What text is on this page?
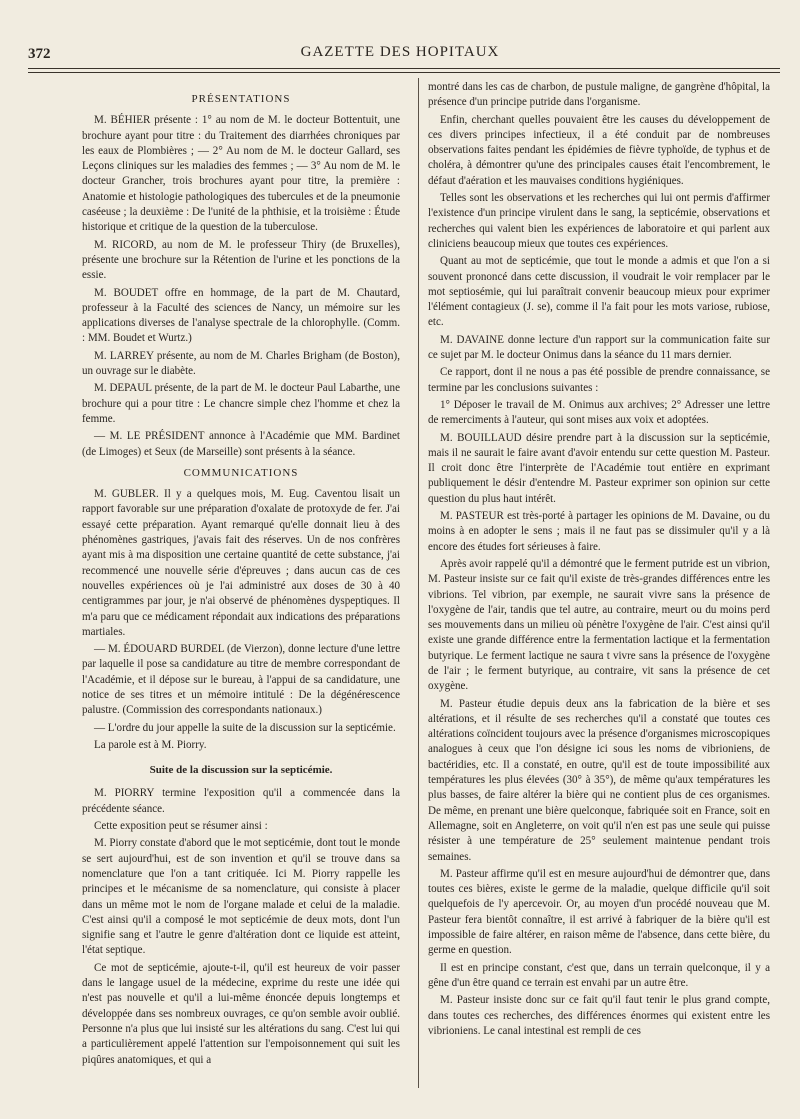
372	GAZETTE DES HOPITAUX
PRÉSENTATIONS

M. BÉHIER présente : 1° au nom de M. le docteur Bottentuit, une brochure ayant pour titre : du Traitement des diarrhées chroniques par les eaux de Plombières ; — 2° Au nom de M. le docteur Gallard, ses Leçons cliniques sur les maladies des femmes ; — 3° Au nom de M. le docteur Grancher, trois brochures ayant pour titre, la première : Anatomie et histologie pathologiques des tubercules et de la pneumonie caséeuse ; la deuxième : De l'unité de la phthisie, et la troisième : Étude historique et critique de la question de la tuberculose.

M. RICORD, au nom de M. le professeur Thiry (de Bruxelles), présente une brochure sur la Rétention de l'urine et les ponctions de la essie.

M. BOUDET offre en hommage, de la part de M. Chautard, professeur à la Faculté des sciences de Nancy, un mémoire sur les applications diverses de l'analyse spectrale de la chlorophylle. (Comm. : MM. Boudet et Wurtz.)

M. LARREY présente, au nom de M. Charles Brigham (de Boston), un ouvrage sur le diabète.

M. DEPAUL présente, de la part de M. le docteur Paul Labarthe, une brochure qui a pour titre : Le chancre simple chez l'homme et chez la femme.

— M. LE PRÉSIDENT annonce à l'Académie que MM. Bardinet (de Limoges) et Seux (de Marseille) sont présents à la séance.

COMMUNICATIONS

M. GUBLER. Il y a quelques mois, M. Eug. Caventou lisait un rapport favorable sur une préparation d'oxalate de protoxyde de fer. J'ai essayé cette préparation. Ayant remarqué qu'elle donnait lieu à des phénomènes gastriques, j'avais fait des réserves. Un de nos confrères ayant mis à ma disposition une certaine quantité de cette substance, j'ai recommencé une nouvelle série d'épreuves ; dans aucun cas de ces nouvelles expériences où je l'ai administré aux doses de 30 à 40 centigrammes par jour, je n'ai observé de phénomènes dyspeptiques. Il m'a paru que ce médicament répondait aux indications des préparations martiales.

— M. ÉDOUARD BURDEL (de Vierzon), donne lecture d'une lettre par laquelle il pose sa candidature au titre de membre correspondant de l'Académie, et il dépose sur le bureau, à l'appui de sa candidature, une notice de ses titres et un mémoire intitulé : De la dégénérescence palustre. (Commission des correspondants nationaux.)

— L'ordre du jour appelle la suite de la discussion sur la septicémie.

La parole est à M. Piorry.

Suite de la discussion sur la septicémie.

M. PIORRY termine l'exposition qu'il a commencée dans la précédente séance.

Cette exposition peut se résumer ainsi :

M. Piorry constate d'abord que le mot septicémie, dont tout le monde se sert aujourd'hui, est de son invention et qu'il se trouve dans sa nomenclature que l'on a tant critiquée. Ici M. Piorry rappelle les principes et le mécanisme de sa nomenclature, qui consiste à placer dans un même mot le nom de l'organe malade et celui de la maladie. C'est ainsi qu'il a composé le mot septicémie de deux mots, dont l'un signifie sang et l'autre le genre d'altération dont ce liquide est atteint, l'état septique.

Ce mot de septicémie, ajoute-t-il, qu'il est heureux de voir passer dans le langage usuel de la médecine, exprime du reste une idée qui n'est pas nouvelle et qu'il a lui-même énoncée depuis longtemps et développée dans ses nombreux ouvrages, ce qu'on semble avoir oublié. Personne n'a plus que lui insisté sur les altérations du sang. C'est lui qui a particulièrement appelé l'attention sur l'empoisonnement qui suit les piqûres anatomiques, et qui a

montré dans les cas de charbon, de pustule maligne, de gangrène d'hôpital, la présence d'un principe putride dans l'organisme.

Enfin, cherchant quelles pouvaient être les causes du développement de ces divers principes infectieux, il a été conduit par de nombreuses observations faites pendant les épidémies de fièvre typhoïde, de typhus et de choléra, à démontrer qu'une des principales causes était l'encombrement, le défaut d'aération et les mauvaises conditions hygiéniques.

Telles sont les observations et les recherches qui lui ont permis d'affirmer l'existence d'un principe virulent dans le sang, la septicémie, observations et recherches qui valent bien les expériences de laboratoire et qui parlent aux cliniciens beaucoup mieux que toutes ces expériences.

Quant au mot de septicémie, que tout le monde a admis et que l'on a si souvent prononcé dans cette discussion, il voudrait le voir remplacer par le mot septiosémie, qui lui paraîtrait convenir beaucoup mieux pour exprimer l'élément contagieux (J. se), comme il l'a fait pour les mots variose, rubiose, etc.

M. DAVAINE donne lecture d'un rapport sur la communication faite sur ce sujet par M. le docteur Onimus dans la séance du 11 mars dernier.

Ce rapport, dont il ne nous a pas été possible de prendre connaissance, se termine par les conclusions suivantes :

1° Déposer le travail de M. Onimus aux archives; 2° Adresser une lettre de remerciments à l'auteur, qui sont mises aux voix et adoptées.

M. BOUILLAUD désire prendre part à la discussion sur la septicémie, mais il ne saurait le faire avant d'avoir entendu sur cette question M. Pasteur. Il croit donc être l'interprète de l'Académie tout entière en exprimant publiquement le désir d'entendre M. Pasteur exprimer son opinion sur cette question du plus haut intérêt.

M. PASTEUR est très-porté à partager les opinions de M. Davaine, ou du moins à en adopter le sens ; mais il ne faut pas se dissimuler qu'il y a là encore des études fort sérieuses à faire.

Après avoir rappelé qu'il a démontré que le ferment putride est un vibrion, M. Pasteur insiste sur ce fait qu'il existe de très-grandes différences entre les vibrions. Tel vibrion, par exemple, ne saurait vivre sans la présence de l'oxygène de l'air, tandis que tel autre, au contraire, meurt ou du moins perd ses mouvements dans un milieu où pénètre l'oxygène de l'air. C'est ainsi qu'il existe une grande différence entre la fermentation lactique et la fermentation butyrique. Le ferment lactique ne saura t vivre sans la présence de l'oxygène de l'air ; le ferment butyrique, au contraire, vit sans la présence de cet oxygène.

M. Pasteur étudie depuis deux ans la fabrication de la bière et ses altérations, et il résulte de ses recherches qu'il a constaté que toutes ces altérations coïncident toujours avec la présence d'organismes microscopiques analogues à ceux que l'on désigne ici sous les noms de vibrioniens, de bactéridies, etc. Il a constaté, en outre, qu'il est de toute impossibilité aux températures les plus élevées (30° à 35°), de même qu'aux températures les plus basses, de faire altérer la bière qui ne contient plus de ces organismes. De même, en prenant une bière quelconque, fabriquée soit en France, soit en Allemagne, soit en Angleterre, on voit qu'il n'en est pas une seule qui puisse résister à une température de 25° seulement maintenue pendant trois semaines.

M. Pasteur affirme qu'il est en mesure aujourd'hui de démontrer que, dans toutes ces bières, existe le germe de la maladie, quelque difficile qu'il soit quelquefois de l'y apercevoir. Or, au moyen d'un procédé nouveau que M. Pasteur fera bientôt connaître, il est arrivé à fabriquer de la bière qu'il est impossible de faire altérer, en raison même de l'absence, dans cette bière, du germe en question.

Il est en principe constant, c'est que, dans un terrain quelconque, il y a gêne d'un être quand ce terrain est envahi par un autre être.

M. Pasteur insiste donc sur ce fait qu'il faut tenir le plus grand compte, dans toutes ces recherches, des différences énormes qui existent entre les vibrioniens. Le canal intestinal est rempli de ces
